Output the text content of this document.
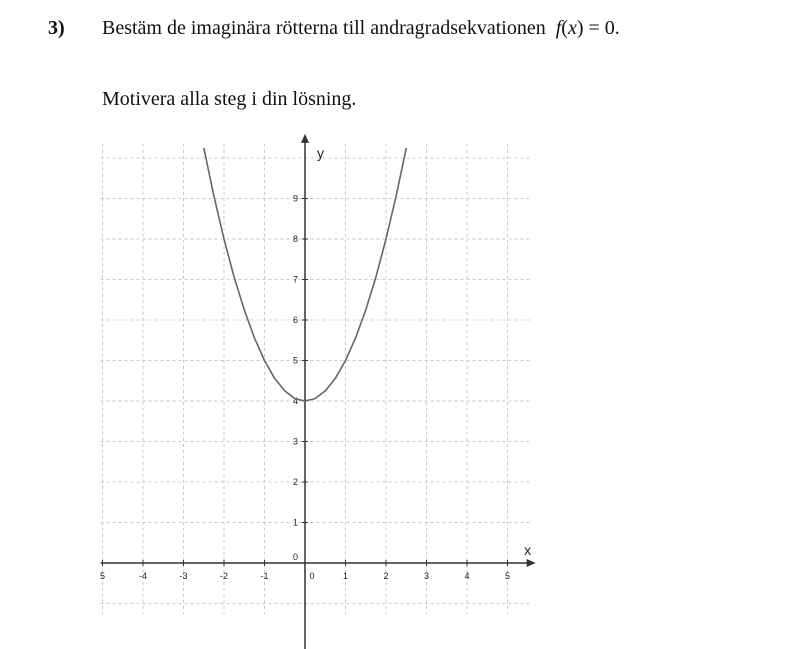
3) Bestäm de imaginära rötterna till andragradsekvationen f(x) = 0.
Motivera alla steg i din lösning.
x
y
5	-4	-3	-2	-1	0	1	2	3	4	5
0
1
2
3
4
5
6
7
8
9
